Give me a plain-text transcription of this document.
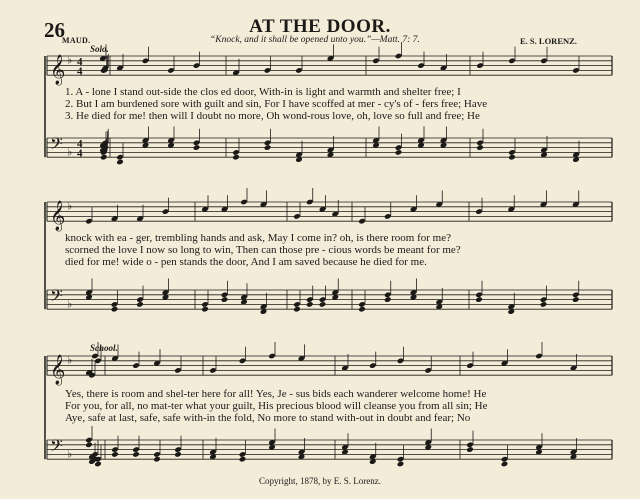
𝄞 ♭ 4
4
𝄢 ♭
4
4
𝄞 ♭
𝄢 ♭
𝄞 ♭
𝄢 ♭
26	AT THE DOOR.
MAUD.	“Knock, and it shall be opened unto you.”—Matt. 7: 7.	E. S. LORENZ.
Solo.
School.
1. A - lone I stand out-side the clos ed door, With-in is light and warmth and shelter free; I
2. But I am burdened sore with guilt and sin, For I have scoffed at mer - cy's of - fers free; Have
3. He died for me! then will I doubt no more, Oh wond-rous love, oh, love so full and free; He
knock with ea - ger, trembling hands and ask, May I come in? oh, is there room for me?
scorned the love I now so long to win, Then can those pre - cious words be meant for me?
died for me! wide o - pen stands the door, And I am saved because he died for me.
Yes, there is room and shel-ter here for all! Yes, Je - sus bids each wanderer welcome home! He
For you, for all, no mat-ter what your guilt, His precious blood will cleanse you from all sin; He
Aye, safe at last, safe, safe with-in the fold, No more to stand with-out in doubt and fear; No
Copyright, 1878, by E. S. Lorenz.
